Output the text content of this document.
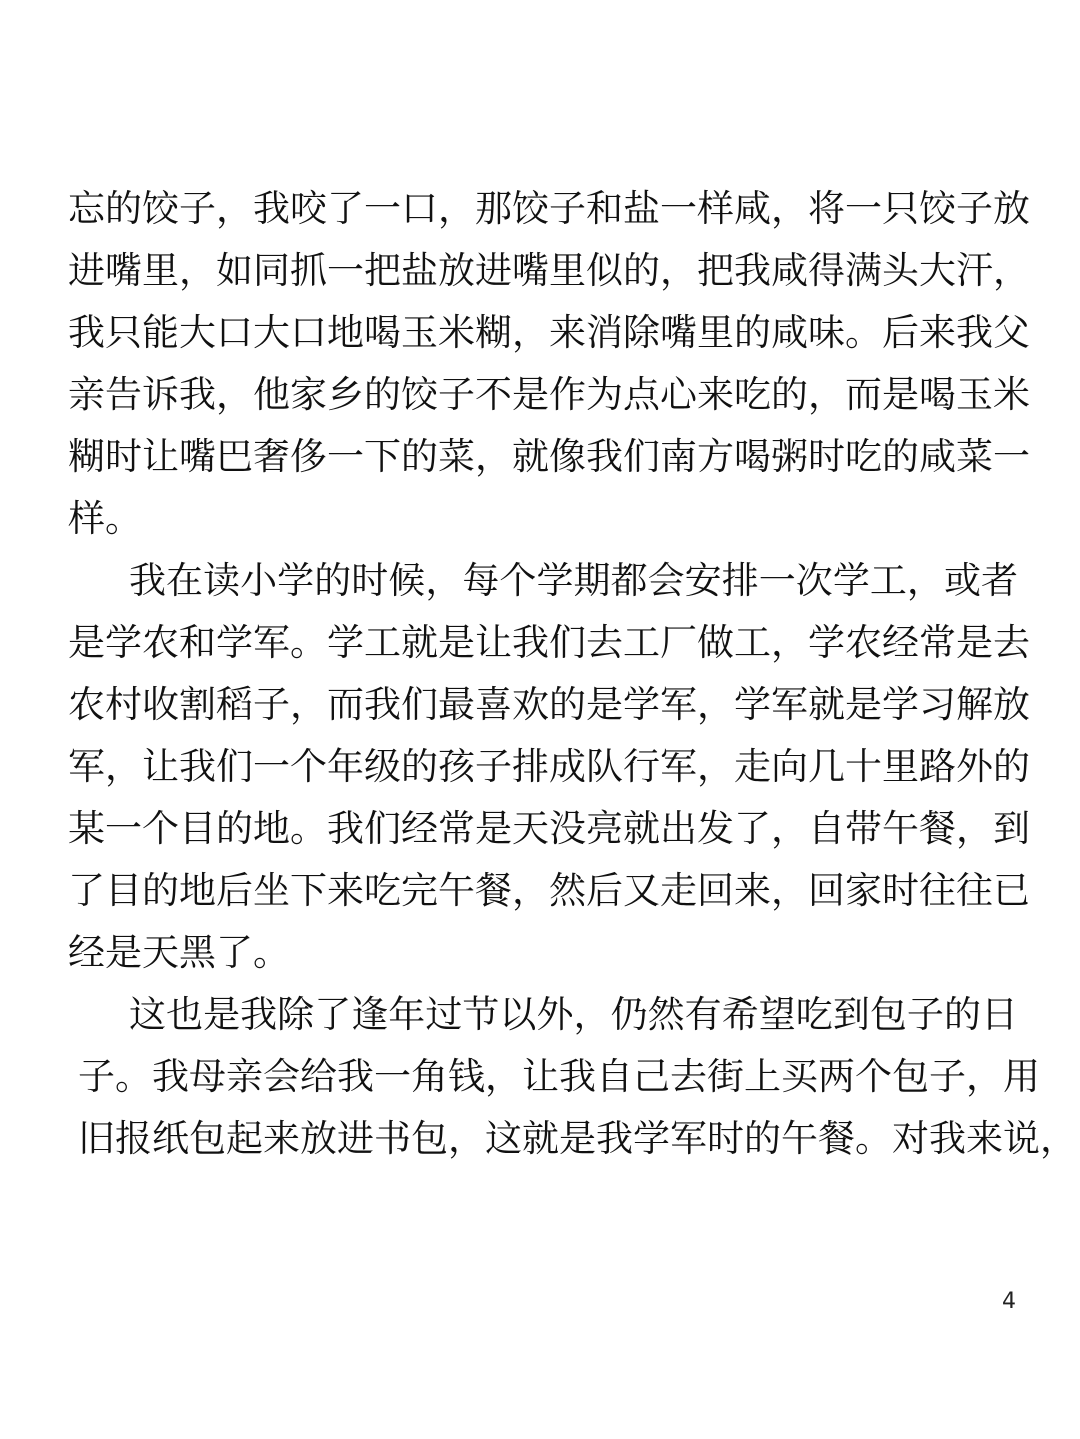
忘的饺子，我咬了一口，那饺子和盐一样咸，将一只饺子放
进嘴里，如同抓一把盐放进嘴里似的，把我咸得满头大汗，
我只能大口大口地喝玉米糊，来消除嘴里的咸味。后来我父
亲告诉我，他家乡的饺子不是作为点心来吃的，而是喝玉米
糊时让嘴巴奢侈一下的菜，就像我们南方喝粥时吃的咸菜一
样。
我在读小学的时候，每个学期都会安排一次学工，或者
是学农和学军。学工就是让我们去工厂做工，学农经常是去
农村收割稻子，而我们最喜欢的是学军，学军就是学习解放
军，让我们一个年级的孩子排成队行军，走向几十里路外的
某一个目的地。我们经常是天没亮就出发了，自带午餐，到
了目的地后坐下来吃完午餐，然后又走回来，回家时往往已
经是天黑了。
这也是我除了逢年过节以外，仍然有希望吃到包子的日
子。我母亲会给我一角钱，让我自己去街上买两个包子，用
旧报纸包起来放进书包，这就是我学军时的午餐。对我来说，
4
